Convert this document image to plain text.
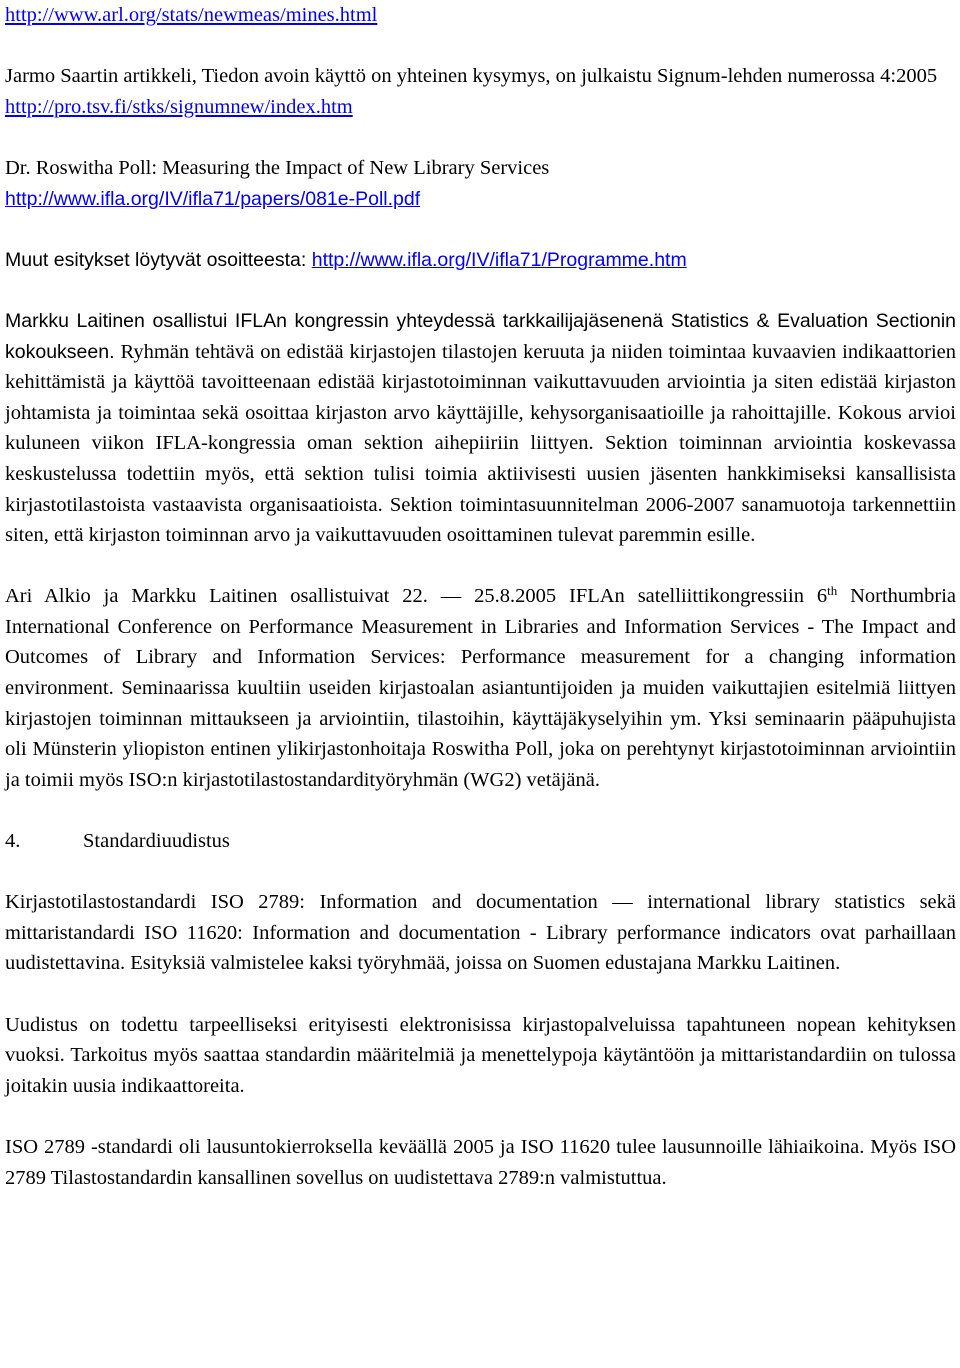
http://www.arl.org/stats/newmeas/mines.html

Jarmo Saartin artikkeli, Tiedon avoin käyttö on yhteinen kysymys, on julkaistu Signum-lehden numerossa 4:2005 http://pro.tsv.fi/stks/signumnew/index.htm

Dr. Roswitha Poll: Measuring the Impact of New Library Services
http://www.ifla.org/IV/ifla71/papers/081e-Poll.pdf

Muut esitykset löytyvät osoitteesta: http://www.ifla.org/IV/ifla71/Programme.htm

Markku Laitinen osallistui IFLAn kongressin yhteydessä tarkkailijajäsenenä Statistics & Evaluation Sectionin kokoukseen. Ryhmän tehtävä on edistää kirjastojen tilastojen keruuta ja niiden toimintaa kuvaavien indikaattorien kehittämistä ja käyttöä tavoitteenaan edistää kirjastotoiminnan vaikuttavuuden arviointia ja siten edistää kirjaston johtamista ja toimintaa sekä osoittaa kirjaston arvo käyttäjille, kehysorganisaatioille ja rahoittajille. Kokous arvioi kuluneen viikon IFLA-kongressia oman sektion aihepiiriin liittyen. Sektion toiminnan arviointia koskevassa keskustelussa todettiin myös, että sektion tulisi toimia aktiivisesti uusien jäsenten hankkimiseksi kansallisista kirjastotilastoista vastaavista organisaatioista. Sektion toimintasuunnitelman 2006-2007 sanamuotoja tarkennettiin siten, että kirjaston toiminnan arvo ja vaikuttavuuden osoittaminen tulevat paremmin esille.

Ari Alkio ja Markku Laitinen osallistuivat 22. — 25.8.2005 IFLAn satelliittikongressiin 6th Northumbria International Conference on Performance Measurement in Libraries and Information Services - The Impact and Outcomes of Library and Information Services: Performance measurement for a changing information environment. Seminaarissa kuultiin useiden kirjastoalan asiantuntijoiden ja muiden vaikuttajien esitelmiä liittyen kirjastojen toiminnan mittaukseen ja arviointiin, tilastoihin, käyttäjäkyselyihin ym. Yksi seminaarin pääpuhujista oli Münsterin yliopiston entinen ylikirjastonhoitaja Roswitha Poll, joka on perehtynyt kirjastotoiminnan arviointiin ja toimii myös ISO:n kirjastotilastostandardityöryhmän (WG2) vetäjänä.

4.	Standardiuudistus

Kirjastotilastostandardi ISO 2789: Information and documentation — international library statistics sekä mittaristandardi ISO 11620: Information and documentation - Library performance indicators ovat parhaillaan uudistettavina. Esityksiä valmistelee kaksi työryhmää, joissa on Suomen edustajana Markku Laitinen.

Uudistus on todettu tarpeelliseksi erityisesti elektronisissa kirjastopalveluissa tapahtuneen nopean kehityksen vuoksi. Tarkoitus myös saattaa standardin määritelmiä ja menettelypoja käytäntöön ja mittaristandardiin on tulossa joitakin uusia indikaattoreita.

ISO 2789 -standardi oli lausuntokierroksella keväällä 2005 ja ISO 11620 tulee lausunnoille lähiaikoina. Myös ISO 2789 Tilastostandardin kansallinen sovellus on uudistettava 2789:n valmistuttua.
